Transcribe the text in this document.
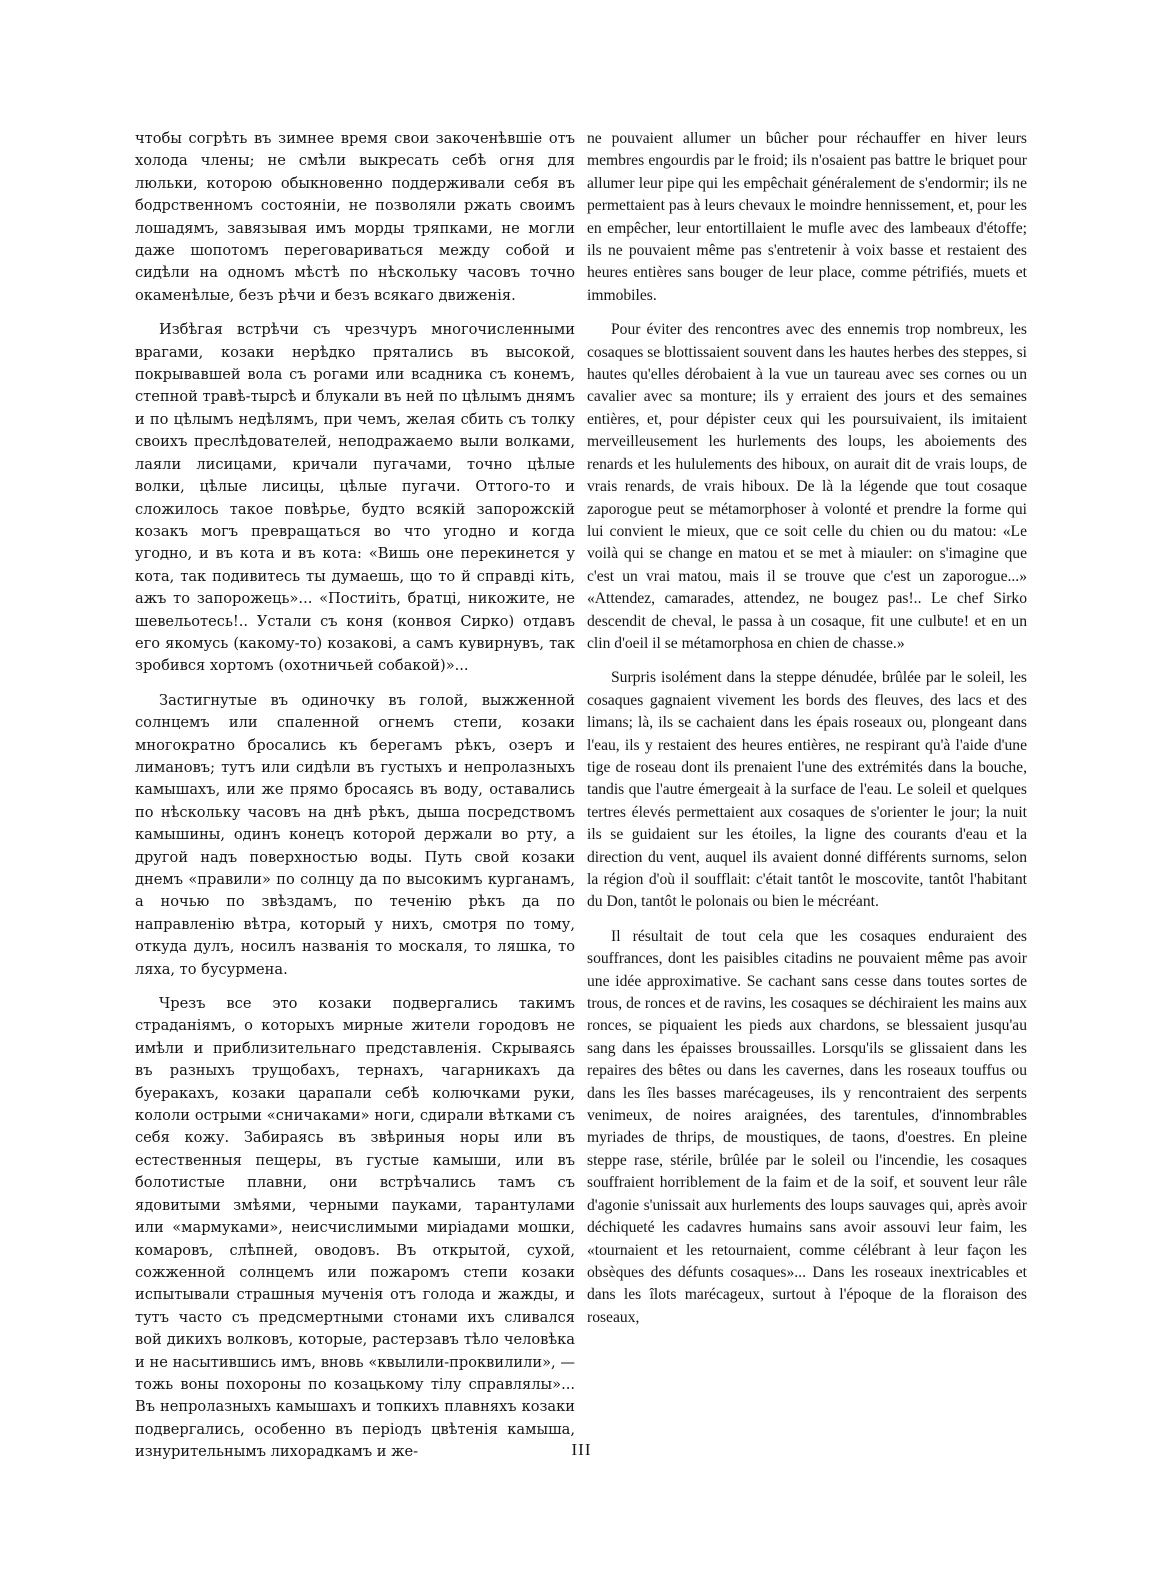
чтобы согрѣть въ зимнее время свои закоченѣвшіе отъ холода члены; не смѣли выкресать себѣ огня для люльки, которою обыкновенно поддерживали себя въ бодрственномъ состояніи, не позволяли ржать своимъ лошадямъ, завязывая имъ морды тряпками, не могли даже шопотомъ переговариваться между собой и сидѣли на одномъ мѣстѣ по нѣскольку часовъ точно окаменѣлые, безъ рѣчи и безъ всякаго движенія.

Избѣгая встрѣчи съ чрезчуръ многочисленными врагами, козаки нерѣдко прятались въ высокой, покрывавшей вола съ рогами или всадника съ конемъ, степной травѣ-тырсѣ и блукали въ ней по цѣлымъ днямъ и по цѣлымъ недѣлямъ, при чемъ, желая сбить съ толку своихъ преслѣдователей, неподражаемо выли волками, лаяли лисицами, кричали пугачами, точно цѣлые волки, цѣлые лисицы, цѣлые пугачи. Оттого-то и сложилось такое повѣрье, будто всякій запорожскій козакъ могъ превращаться во что угодно и когда угодно, и въ кота и въ кота: «Вишь оне перекинется у кота, так подивитесь ты думаешь, що то й справді кіть, ажъ то запорожець»... «Постиіть, братці, никожите, не шевельотесь!.. Устали съ коня (конвоя Сирко) отдавъ его якомусь (какому-то) козакові, а самъ кувирнувъ, так зробився хортомъ (охотничьей собакой)»...

Застигнутые въ одиночку въ голой, выжженной солнцемъ или спаленной огнемъ степи, козаки многократно бросались къ берегамъ рѣкъ, озеръ и лимановъ; тутъ или сидѣли въ густыхъ и непролазныхъ камышахъ, или же прямо бросаясь въ воду, оставались по нѣскольку часовъ на днѣ рѣкъ, дыша посредствомъ камышины, одинъ конецъ которой держали во рту, а другой надъ поверхностью воды. Путь свой козаки днемъ «правили» по солнцу да по высокимъ курганамъ, а ночью по звѣздамъ, по теченію рѣкъ да по направленію вѣтра, который у нихъ, смотря по тому, откуда дулъ, носилъ названія то москаля, то ляшка, то ляха, то бусурмена.

Чрезъ все это козаки подвергались такимъ страданіямъ, о которыхъ мирные жители городовъ не имѣли и приблизительнаго представленія. Скрываясь въ разныхъ трущобахъ, тернахъ, чагарникахъ да буеракахъ, козаки царапали себѣ колючками руки, кололи острыми «сничаками» ноги, сдирали вѣтками съ себя кожу. Забираясь въ звѣриныя норы или въ естественныя пещеры, въ густые камыши, или въ болотистые плавни, они встрѣчались тамъ съ ядовитыми змѣями, черными пауками, тарантулами или «мармуками», неисчислимыми миріадами мошки, комаровъ, слѣпней, оводовъ. Въ открытой, сухой, сожженной солнцемъ или пожаромъ степи козаки испытывали страшныя мученія отъ голода и жажды, и тутъ часто съ предсмертными стонами ихъ сливался вой дикихъ волковъ, которые, растерзавъ тѣло человѣка и не насытившись имъ, вновь «квылили-проквилили», — тожь воны похороны по козацькому тілу справлялы»... Въ непролазныхъ камышахъ и топкихъ плавняхъ козаки подвергались, особенно въ періодъ цвѣтенія камыша, изнурительнымъ лихорадкамъ и же-

ne pouvaient allumer un bûcher pour réchauffer en hiver leurs membres engourdis par le froid; ils n'osaient pas battre le briquet pour allumer leur pipe qui les empêchait généralement de s'endormir; ils ne permettaient pas à leurs chevaux le moindre hennissement, et, pour les en empêcher, leur entortillaient le mufle avec des lambeaux d'étoffe; ils ne pouvaient même pas s'entretenir à voix basse et restaient des heures entières sans bouger de leur place, comme pétrifiés, muets et immobiles.

Pour éviter des rencontres avec des ennemis trop nombreux, les cosaques se blottissaient souvent dans les hautes herbes des steppes, si hautes qu'elles dérobaient à la vue un taureau avec ses cornes ou un cavalier avec sa monture; ils y erraient des jours et des semaines entières, et, pour dépister ceux qui les poursuivaient, ils imitaient merveilleusement les hurlements des loups, les aboiements des renards et les hululements des hiboux, on aurait dit de vrais loups, de vrais renards, de vrais hiboux. De là la légende que tout cosaque zaporogue peut se métamorphoser à volonté et prendre la forme qui lui convient le mieux, que ce soit celle du chien ou du matou: «Le voilà qui se change en matou et se met à miauler: on s'imagine que c'est un vrai matou, mais il se trouve que c'est un zaporogue...» «Attendez, camarades, attendez, ne bougez pas!.. Le chef Sirko descendit de cheval, le passa à un cosaque, fit une culbute! et en un clin d'oeil il se métamorphosa en chien de chasse.»

Surpris isolément dans la steppe dénudée, brûlée par le soleil, les cosaques gagnaient vivement les bords des fleuves, des lacs et des limans; là, ils se cachaient dans les épais roseaux ou, plongeant dans l'eau, ils y restaient des heures entières, ne respirant qu'à l'aide d'une tige de roseau dont ils prenaient l'une des extrémités dans la bouche, tandis que l'autre émergeait à la surface de l'eau. Le soleil et quelques tertres élevés permettaient aux cosaques de s'orienter le jour; la nuit ils se guidaient sur les étoiles, la ligne des courants d'eau et la direction du vent, auquel ils avaient donné différents surnoms, selon la région d'où il soufflait: c'était tantôt le moscovite, tantôt l'habitant du Don, tantôt le polonais ou bien le mécréant.

Il résultait de tout cela que les cosaques enduraient des souffrances, dont les paisibles citadins ne pouvaient même pas avoir une idée approximative. Se cachant sans cesse dans toutes sortes de trous, de ronces et de ravins, les cosaques se déchiraient les mains aux ronces, se piquaient les pieds aux chardons, se blessaient jusqu'au sang dans les épaisses broussailles. Lorsqu'ils se glissaient dans les repaires des bêtes ou dans les cavernes, dans les roseaux touffus ou dans les îles basses marécageuses, ils y rencontraient des serpents venimeux, de noires araignées, des tarentules, d'innombrables myriades de thrips, de moustiques, de taons, d'oestres. En pleine steppe rase, stérile, brûlée par le soleil ou l'incendie, les cosaques souffraient horriblement de la faim et de la soif, et souvent leur râle d'agonie s'unissait aux hurlements des loups sauvages qui, après avoir déchiqueté les cadavres humains sans avoir assouvi leur faim, les «tournaient et les retournaient, comme célébrant à leur façon les obsèques des défunts cosaques»... Dans les roseaux inextricables et dans les îlots marécageux, surtout à l'époque de la floraison des roseaux,

III
